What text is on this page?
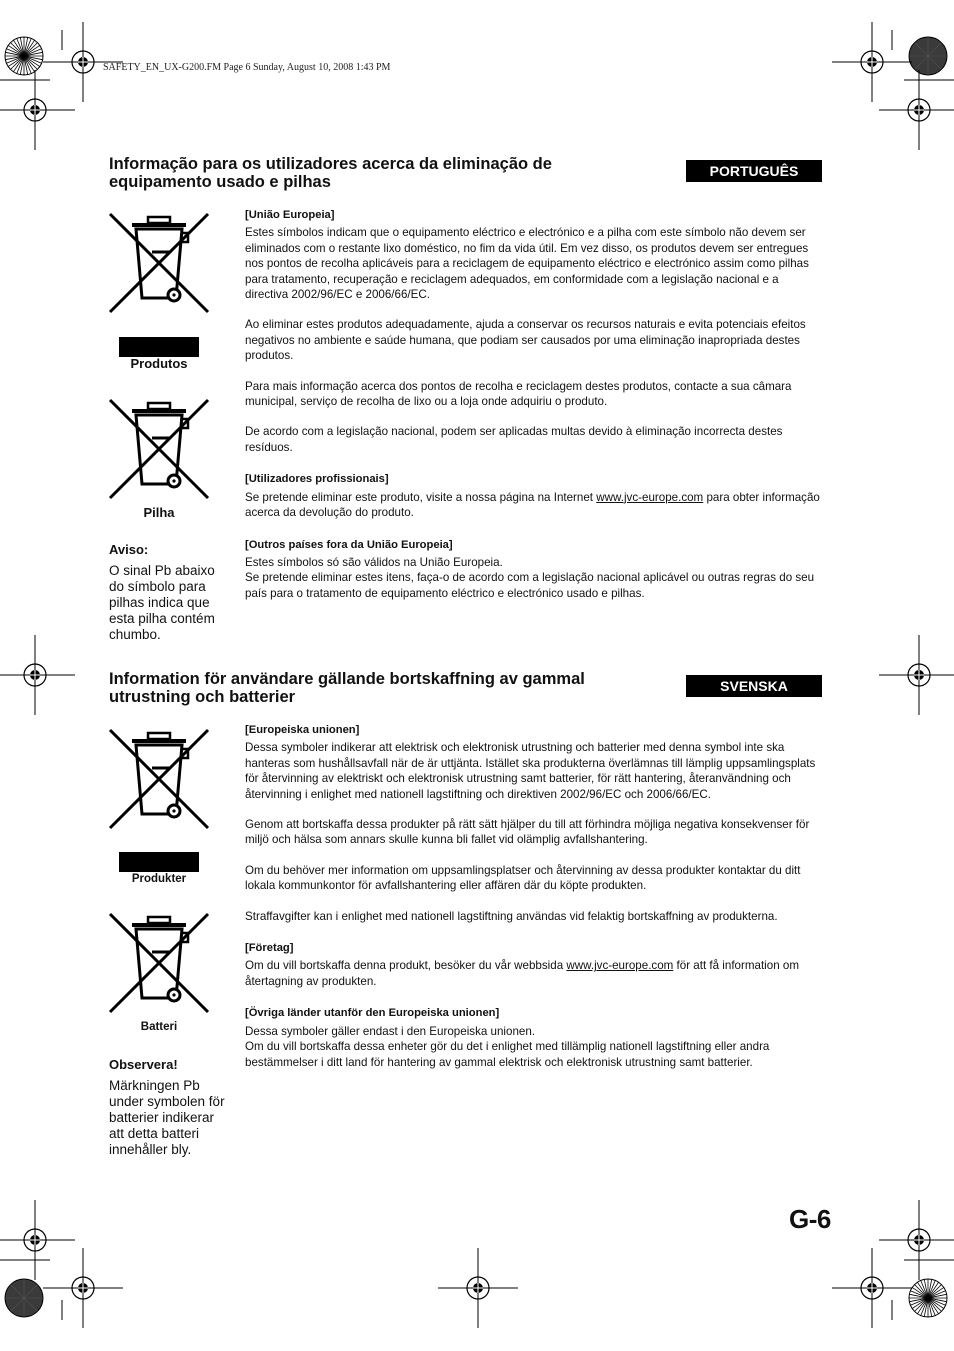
SAFETY_EN_UX-G200.FM Page 6 Sunday, August 10, 2008 1:43 PM
Informação para os utilizadores acerca da eliminação de
equipamento usado e pilhas
PORTUGUÊS
Produtos
Pilha
Aviso:
O sinal Pb abaixo do símbolo para pilhas indica que esta pilha contém chumbo.
[União Europeia]

Estes símbolos indicam que o equipamento eléctrico e electrónico e a pilha com este símbolo não devem ser eliminados com o restante lixo doméstico, no fim da vida útil. Em vez disso, os produtos devem ser entregues nos pontos de recolha aplicáveis para a reciclagem de equipamento eléctrico e electrónico assim como pilhas para tratamento, recuperação e reciclagem adequados, em conformidade com a legislação nacional e a directiva 2002/96/EC e 2006/66/EC.

Ao eliminar estes produtos adequadamente, ajuda a conservar os recursos naturais e evita potenciais efeitos negativos no ambiente e saúde humana, que podiam ser causados por uma eliminação inapropriada destes produtos.

Para mais informação acerca dos pontos de recolha e reciclagem destes produtos, contacte a sua câmara municipal, serviço de recolha de lixo ou a loja onde adquiriu o produto.

De acordo com a legislação nacional, podem ser aplicadas multas devido à eliminação incorrecta destes resíduos.

[Utilizadores profissionais]

Se pretende eliminar este produto, visite a nossa página na Internet www.jvc-europe.com para obter informação acerca da devolução do produto.

[Outros países fora da União Europeia]
Estes símbolos só são válidos na União Europeia.
Se pretende eliminar estes itens, faça-o de acordo com a legislação nacional aplicável ou outras regras do seu país para o tratamento de equipamento eléctrico e electrónico usado e pilhas.
Information för användare gällande bortskaffning av gammal
utrustning och batterier
SVENSKA
Produkter
Batteri
Observera!
Märkningen Pb under symbolen för batterier indikerar att detta batteri innehåller bly.
[Europeiska unionen]

Dessa symboler indikerar att elektrisk och elektronisk utrustning och batterier med denna symbol inte ska hanteras som hushållsavfall när de är uttjänta. Istället ska produkterna överlämnas till lämplig uppsamlingsplats för återvinning av elektriskt och elektronisk utrustning samt batterier, för rätt hantering, återanvändning och återvinning i enlighet med nationell lagstiftning och direktiven 2002/96/EC och 2006/66/EC.

Genom att bortskaffa dessa produkter på rätt sätt hjälper du till att förhindra möjliga negativa konsekvenser för miljö och hälsa som annars skulle kunna bli fallet vid olämplig avfallshantering.

Om du behöver mer information om uppsamlingsplatser och återvinning av dessa produkter kontaktar du ditt lokala kommunkontor för avfallshantering eller affären där du köpte produkten.

Straffavgifter kan i enlighet med nationell lagstiftning användas vid felaktig bortskaffning av produkterna.

[Företag]

Om du vill bortskaffa denna produkt, besöker du vår webbsida www.jvc-europe.com för att få information om återtagning av produkten.

[Övriga länder utanför den Europeiska unionen]
Dessa symboler gäller endast i den Europeiska unionen.
Om du vill bortskaffa dessa enheter gör du det i enlighet med tillämplig nationell lagstiftning eller andra bestämmelser i ditt land för hantering av gammal elektrisk och elektronisk utrustning samt batterier.
G-6
